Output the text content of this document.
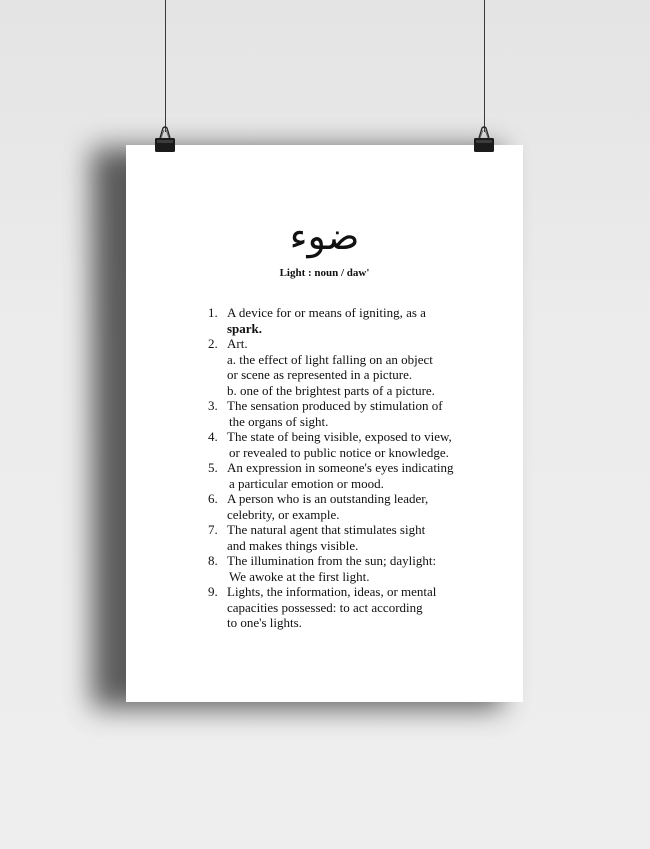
ضوء
Light : noun / daw'
1. A device for or means of igniting, as a
spark.
2. Art.
a. the effect of light falling on an object
or scene as represented in a picture.
b. one of the brightest parts of a picture.
3. The sensation produced by stimulation of
the organs of sight.
4. The state of being visible, exposed to view,
or revealed to public notice or knowledge.
5. An expression in someone's eyes indicating
a particular emotion or mood.
6. A person who is an outstanding leader,
celebrity, or example.
7. The natural agent that stimulates sight
and makes things visible.
8. The illumination from the sun; daylight:
We awoke at the first light.
9. Lights, the information, ideas, or mental
capacities possessed: to act according
to one's lights.
